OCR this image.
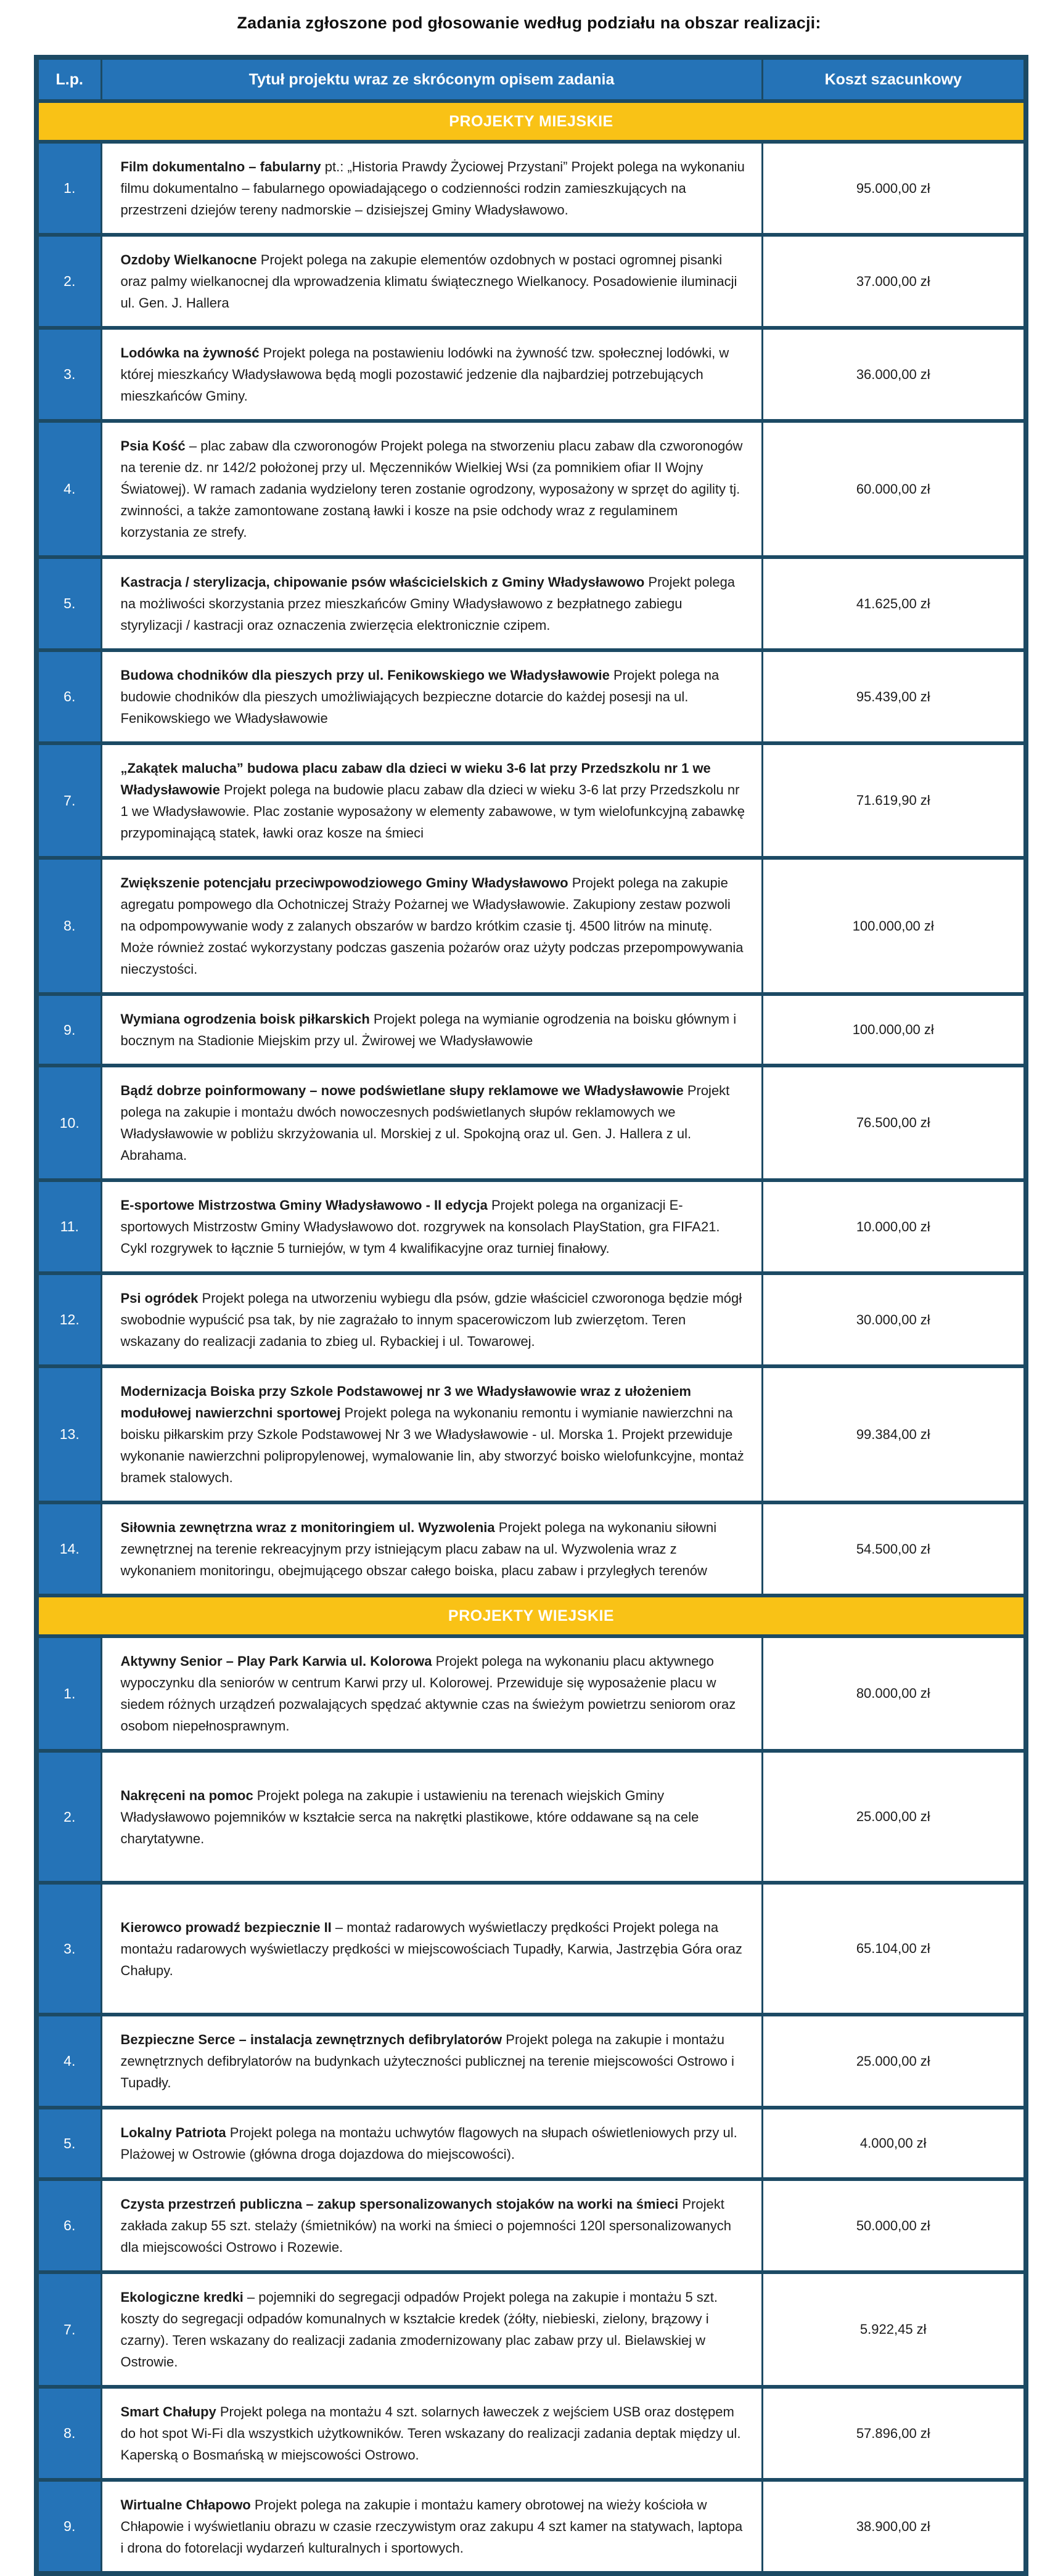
Zadania zgłoszone pod głosowanie według podziału na obszar realizacji:
L.p.	Tytuł projektu wraz ze skróconym opisem zadania	Koszt szacunkowy
PROJEKTY MIEJSKIE		
1.	Film dokumentalno – fabularny pt.: „Historia Prawdy Życiowej Przystani” Projekt polega na wykonaniu filmu dokumentalno – fabularnego opowiadającego o codzienności rodzin zamieszkujących na przestrzeni dziejów tereny nadmorskie – dzisiejszej Gminy Władysławowo.	95.000,00 zł
2.	Ozdoby Wielkanocne Projekt polega na zakupie elementów ozdobnych w postaci ogromnej pisanki oraz palmy wielkanocnej dla wprowadzenia klimatu świątecznego Wielkanocy. Posadowienie iluminacji ul. Gen. J. Hallera	37.000,00 zł
3.	Lodówka na żywność Projekt polega na postawieniu lodówki na żywność tzw. społecznej lodówki, w której mieszkańcy Władysławowa będą mogli pozostawić jedzenie dla najbardziej potrzebujących mieszkańców Gminy.	36.000,00 zł
4.	Psia Kość – plac zabaw dla czworonogów Projekt polega na stworzeniu placu zabaw dla czworonogów na terenie dz. nr 142/2 położonej przy ul. Męczenników Wielkiej Wsi (za pomnikiem ofiar II Wojny Światowej). W ramach zadania wydzielony teren zostanie ogrodzony, wyposażony w sprzęt do agility tj. zwinności, a także zamontowane zostaną ławki i kosze na psie odchody wraz z regulaminem korzystania ze strefy.	60.000,00 zł
5.	Kastracja / sterylizacja, chipowanie psów właścicielskich z Gminy Władysławowo Projekt polega na możliwości skorzystania przez mieszkańców Gminy Władysławowo z bezpłatnego zabiegu styrylizacji / kastracji oraz oznaczenia zwierzęcia elektronicznie czipem.	41.625,00 zł
6.	Budowa chodników dla pieszych przy ul. Fenikowskiego we Władysławowie Projekt polega na budowie chodników dla pieszych umożliwiających bezpieczne dotarcie do każdej posesji na ul. Fenikowskiego we Władysławowie	95.439,00 zł
7.	„Zakątek malucha” budowa placu zabaw dla dzieci w wieku 3-6 lat przy Przedszkolu nr 1 we Władysławowie Projekt polega na budowie placu zabaw dla dzieci w wieku 3-6 lat przy Przedszkolu nr 1 we Władysławowie. Plac zostanie wyposażony w elementy zabawowe, w tym wielofunkcyjną zabawkę przypominającą statek, ławki oraz kosze na śmieci	71.619,90 zł
8.	Zwiększenie potencjału przeciwpowodziowego Gminy Władysławowo Projekt polega na zakupie agregatu pompowego dla Ochotniczej Straży Pożarnej we Władysławowie. Zakupiony zestaw pozwoli na odpompowywanie wody z zalanych obszarów w bardzo krótkim czasie tj. 4500 litrów na minutę. Może również zostać wykorzystany podczas gaszenia pożarów oraz użyty podczas przepompowywania nieczystości.	100.000,00 zł
9.	Wymiana ogrodzenia boisk piłkarskich Projekt polega na wymianie ogrodzenia na boisku głównym i bocznym na Stadionie Miejskim przy ul. Żwirowej we Władysławowie	100.000,00 zł
10.	Bądź dobrze poinformowany – nowe podświetlane słupy reklamowe we Władysławowie Projekt polega na zakupie i montażu dwóch nowoczesnych podświetlanych słupów reklamowych we Władysławowie w pobliżu skrzyżowania ul. Morskiej z ul. Spokojną oraz ul. Gen. J. Hallera z ul. Abrahama.	76.500,00 zł
11.	E-sportowe Mistrzostwa Gminy Władysławowo - II edycja Projekt polega na organizacji E-sportowych Mistrzostw Gminy Władysławowo dot. rozgrywek na konsolach PlayStation, gra FIFA21. Cykl rozgrywek to łącznie 5 turniejów, w tym 4 kwalifikacyjne oraz turniej finałowy.	10.000,00 zł
12.	Psi ogródek Projekt polega na utworzeniu wybiegu dla psów, gdzie właściciel czworonoga będzie mógł swobodnie wypuścić psa tak, by nie zagrażało to innym spacerowiczom lub zwierzętom. Teren wskazany do realizacji zadania to zbieg ul. Rybackiej i ul. Towarowej.	30.000,00 zł
13.	Modernizacja Boiska przy Szkole Podstawowej nr 3 we Władysławowie wraz z ułożeniem modułowej nawierzchni sportowej Projekt polega na wykonaniu remontu i wymianie nawierzchni na boisku piłkarskim przy Szkole Podstawowej Nr 3 we Władysławowie - ul. Morska 1. Projekt przewiduje wykonanie nawierzchni polipropylenowej, wymalowanie lin, aby stworzyć boisko wielofunkcyjne, montaż bramek stalowych.	99.384,00 zł
14.	Siłownia zewnętrzna wraz z monitoringiem ul. Wyzwolenia Projekt polega na wykonaniu siłowni zewnętrznej na terenie rekreacyjnym przy istniejącym placu zabaw na ul. Wyzwolenia wraz z wykonaniem monitoringu, obejmującego obszar całego boiska, placu zabaw i przyległych terenów	54.500,00 zł
PROJEKTY WIEJSKIE		
1.	Aktywny Senior – Play Park Karwia ul. Kolorowa Projekt polega na wykonaniu placu aktywnego wypoczynku dla seniorów w centrum Karwi przy ul. Kolorowej. Przewiduje się wyposażenie placu w siedem różnych urządzeń pozwalających spędzać aktywnie czas na świeżym powietrzu seniorom oraz osobom niepełnosprawnym.	80.000,00 zł
2.	Nakręceni na pomoc Projekt polega na zakupie i ustawieniu na terenach wiejskich Gminy Władysławowo pojemników w kształcie serca na nakrętki plastikowe, które oddawane są na cele charytatywne.	25.000,00 zł
3.	Kierowco prowadź bezpiecznie II – montaż radarowych wyświetlaczy prędkości Projekt polega na montażu radarowych wyświetlaczy prędkości w miejscowościach Tupadły, Karwia, Jastrzębia Góra oraz Chałupy.	65.104,00 zł
4.	Bezpieczne Serce – instalacja zewnętrznych defibrylatorów Projekt polega na zakupie i montażu zewnętrznych defibrylatorów na budynkach użyteczności publicznej na terenie miejscowości Ostrowo i Tupadły.	25.000,00 zł
5.	Lokalny Patriota Projekt polega na montażu uchwytów flagowych na słupach oświetleniowych przy ul. Plażowej w Ostrowie (główna droga dojazdowa do miejscowości).	4.000,00 zł
6.	Czysta przestrzeń publiczna – zakup spersonalizowanych stojaków na worki na śmieci Projekt zakłada zakup 55 szt. stelaży (śmietników) na worki na śmieci o pojemności 120l spersonalizowanych dla miejscowości Ostrowo i Rozewie.	50.000,00 zł
7.	Ekologiczne kredki – pojemniki do segregacji odpadów Projekt polega na zakupie i montażu 5 szt. koszty do segregacji odpadów komunalnych w kształcie kredek (żółty, niebieski, zielony, brązowy i czarny). Teren wskazany do realizacji zadania zmodernizowany plac zabaw przy ul. Bielawskiej w Ostrowie.	5.922,45 zł
8.	Smart Chałupy Projekt polega na montażu 4 szt. solarnych ławeczek z wejściem USB oraz dostępem do hot spot Wi-Fi dla wszystkich użytkowników. Teren wskazany do realizacji zadania deptak między ul. Kaperską o Bosmańską w miejscowości Ostrowo.	57.896,00 zł
9.	Wirtualne Chłapowo Projekt polega na zakupie i montażu kamery obrotowej na wieży kościoła w Chłapowie i wyświetlaniu obrazu w czasie rzeczywistym oraz zakupu 4 szt kamer na statywach, laptopa i drona do fotorelacji wydarzeń kulturalnych i sportowych.	38.900,00 zł
